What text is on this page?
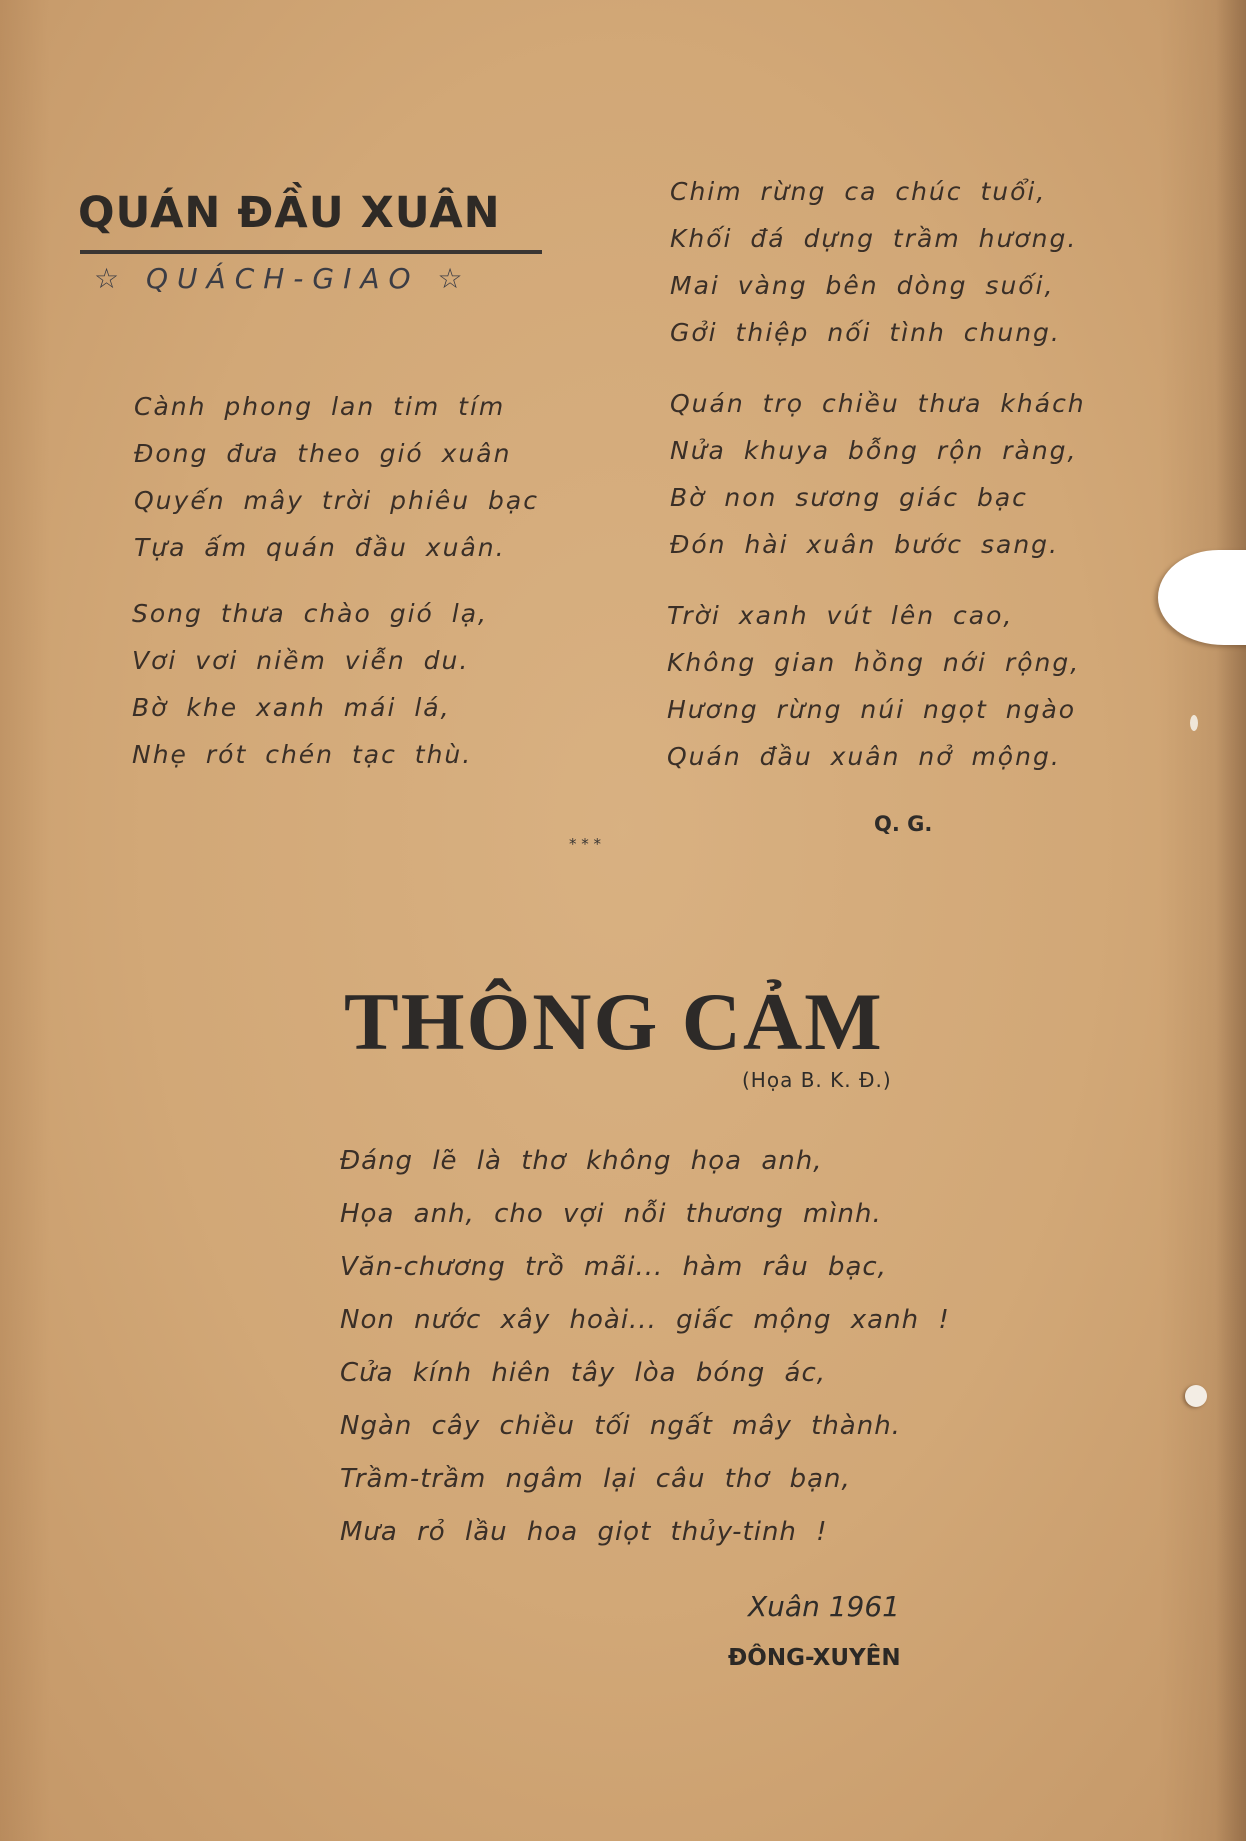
QUÁN ĐẦU XUÂN
☆ QUÁCH-GIAO ☆
Cành phong lan tim tím
Đong đưa theo gió xuân
Quyến mây trời phiêu bạc
Tựa ấm quán đầu xuân.
Song thưa chào gió lạ,
Vơi vơi niềm viễn du.
Bờ khe xanh mái lá,
Nhẹ rót chén tạc thù.
Chim rừng ca chúc tuổi,
Khối đá dựng trầm hương.
Mai vàng bên dòng suối,
Gởi thiệp nối tình chung.
Quán trọ chiều thưa khách
Nửa khuya bỗng rộn ràng,
Bờ non sương giác bạc
Đón hài xuân bước sang.
Trời xanh vút lên cao,
Không gian hồng nới rộng,
Hương rừng núi ngọt ngào
Quán đầu xuân nở mộng.
Q. G.
* * *
THÔNG CẢM
(Họa B. K. Đ.)
Đáng lẽ là thơ không họa anh,
Họa anh, cho vợi nỗi thương mình.
Văn-chương trồ mãi... hàm râu bạc,
Non nước xây hoài... giấc mộng xanh !
Cửa kính hiên tây lòa bóng ác,
Ngàn cây chiều tối ngất mây thành.
Trầm-trầm ngâm lại câu thơ bạn,
Mưa rỏ lầu hoa giọt thủy-tinh !
Xuân 1961
ĐÔNG-XUYÊN
